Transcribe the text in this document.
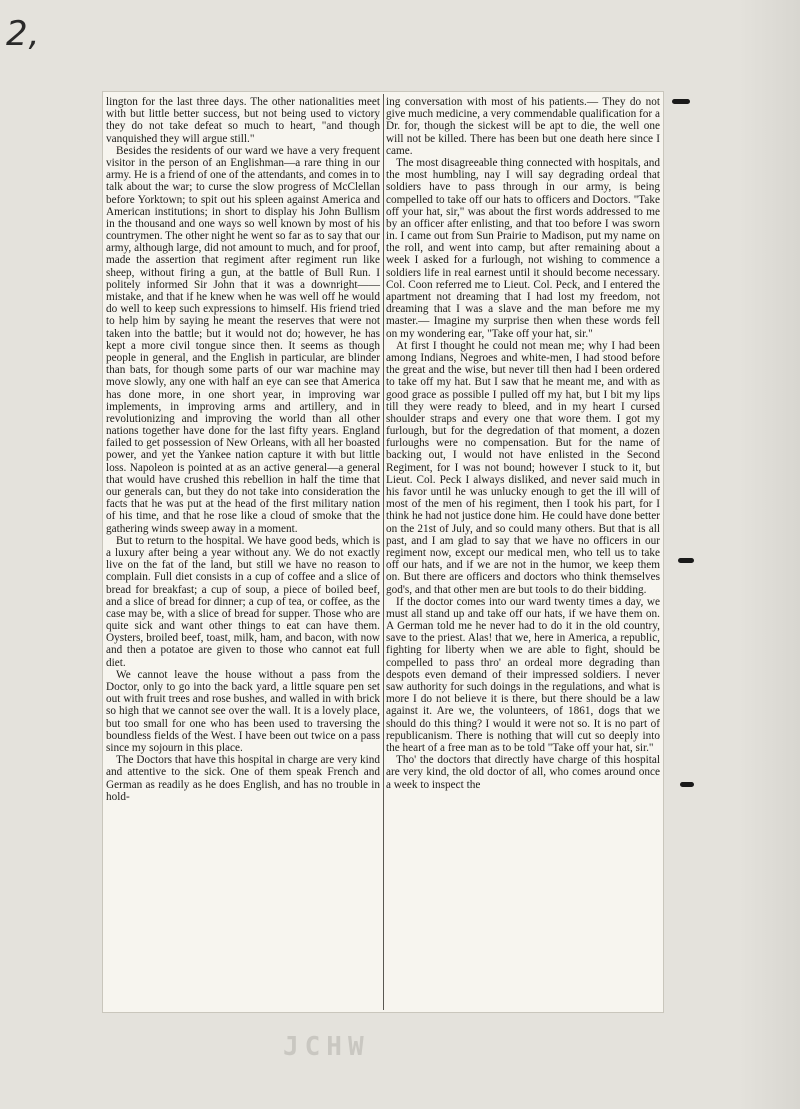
2,

lington for the last three days. The other nationalities meet with but little better success, but not being used to victory they do not take defeat so much to heart, "and though vanquished they will argue still."

Besides the residents of our ward we have a very frequent visitor in the person of an Englishman—a rare thing in our army. He is a friend of one of the attendants, and comes in to talk about the war; to curse the slow progress of McClellan before Yorktown; to spit out his spleen against America and American institutions; in short to display his John Bullism in the thousand and one ways so well known by most of his countrymen. The other night he went so far as to say that our army, although large, did not amount to much, and for proof, made the assertion that regiment after regiment run like sheep, without firing a gun, at the battle of Bull Run. I politely informed Sir John that it was a downright——mistake, and that if he knew when he was well off he would do well to keep such expressions to himself. His friend tried to help him by saying he meant the reserves that were not taken into the battle; but it would not do; however, he has kept a more civil tongue since then. It seems as though people in general, and the English in particular, are blinder than bats, for though some parts of our war machine may move slowly, any one with half an eye can see that America has done more, in one short year, in improving war implements, in improving arms and artillery, and in revolutionizing and improving the world than all other nations together have done for the last fifty years. England failed to get possession of New Orleans, with all her boasted power, and yet the Yankee nation capture it with but little loss. Napoleon is pointed at as an active general—a general that would have crushed this rebellion in half the time that our generals can, but they do not take into consideration the facts that he was put at the head of the first military nation of his time, and that he rose like a cloud of smoke that the gathering winds sweep away in a moment.

But to return to the hospital. We have good beds, which is a luxury after being a year without any. We do not exactly live on the fat of the land, but still we have no reason to complain. Full diet consists in a cup of coffee and a slice of bread for breakfast; a cup of soup, a piece of boiled beef, and a slice of bread for dinner; a cup of tea, or coffee, as the case may be, with a slice of bread for supper. Those who are quite sick and want other things to eat can have them. Oysters, broiled beef, toast, milk, ham, and bacon, with now and then a potatoe are given to those who cannot eat full diet.

We cannot leave the house without a pass from the Doctor, only to go into the back yard, a little square pen set out with fruit trees and rose bushes, and walled in with brick so high that we cannot see over the wall. It is a lovely place, but too small for one who has been used to traversing the boundless fields of the West. I have been out twice on a pass since my sojourn in this place.

The Doctors that have this hospital in charge are very kind and attentive to the sick. One of them speak French and German as readily as he does English, and has no trouble in hold-

ing conversation with most of his patients.— They do not give much medicine, a very commendable qualification for a Dr. for, though the sickest will be apt to die, the well one will not be killed. There has been but one death here since I came.

The most disagreeable thing connected with hospitals, and the most humbling, nay I will say degrading ordeal that soldiers have to pass through in our army, is being compelled to take off our hats to officers and Doctors. "Take off your hat, sir," was about the first words addressed to me by an officer after enlisting, and that too before I was sworn in. I came out from Sun Prairie to Madison, put my name on the roll, and went into camp, but after remaining about a week I asked for a furlough, not wishing to commence a soldiers life in real earnest until it should become necessary. Col. Coon referred me to Lieut. Col. Peck, and I entered the apartment not dreaming that I had lost my freedom, not dreaming that I was a slave and the man before me my master.— Imagine my surprise then when these words fell on my wondering ear, "Take off your hat, sir."

At first I thought he could not mean me; why I had been among Indians, Negroes and white-men, I had stood before the great and the wise, but never till then had I been ordered to take off my hat. But I saw that he meant me, and with as good grace as possible I pulled off my hat, but I bit my lips till they were ready to bleed, and in my heart I cursed shoulder straps and every one that wore them. I got my furlough, but for the degredation of that moment, a dozen furloughs were no compensation. But for the name of backing out, I would not have enlisted in the Second Regiment, for I was not bound; however I stuck to it, but Lieut. Col. Peck I always disliked, and never said much in his favor until he was unlucky enough to get the ill will of most of the men of his regiment, then I took his part, for I think he had not justice done him. He could have done better on the 21st of July, and so could many others. But that is all past, and I am glad to say that we have no officers in our regiment now, except our medical men, who tell us to take off our hats, and if we are not in the humor, we keep them on. But there are officers and doctors who think themselves god's, and that other men are but tools to do their bidding.

If the doctor comes into our ward twenty times a day, we must all stand up and take off our hats, if we have them on. A German told me he never had to do it in the old country, save to the priest. Alas! that we, here in America, a republic, fighting for liberty when we are able to fight, should be compelled to pass thro' an ordeal more degrading than despots even demand of their impressed soldiers. I never saw authority for such doings in the regulations, and what is more I do not believe it is there, but there should be a law against it. Are we, the volunteers, of 1861, dogs that we should do this thing? I would it were not so. It is no part of republicanism. There is nothing that will cut so deeply into the heart of a free man as to be told "Take off your hat, sir."

Tho' the doctors that directly have charge of this hospital are very kind, the old doctor of all, who comes around once a week to inspect the

JCHW
